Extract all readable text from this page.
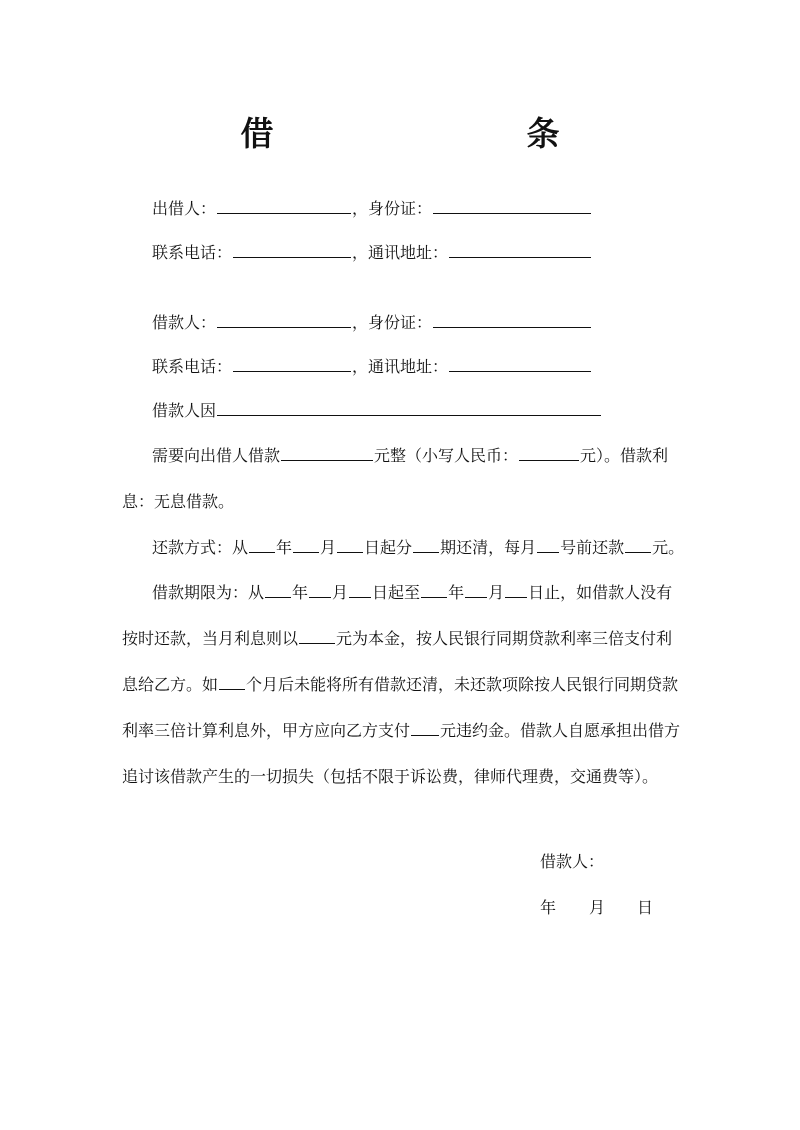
借　条
出借人：	，身份证：
联系电话：	，通讯地址：
借款人：	，身份证：
联系电话：	，通讯地址：
借款人因
需要向出借人借款	元整（小写人民币：	元）。借款利
息：无息借款。
还款方式：从 年 月 日起分 期还清，每月 号前还款 元。
借款期限为：从 年 月 日起至 年 月 日止，如借款人没有
按时还款，当月利息则以 元为本金，按人民银行同期贷款利率三倍支付利
息给乙方。如 个月后未能将所有借款还清，未还款项除按人民银行同期贷款
利率三倍计算利息外，甲方应向乙方支付 元违约金。借款人自愿承担出借方
追讨该借款产生的一切损失（包括不限于诉讼费，律师代理费，交通费等）。
借款人：
年 月 日
